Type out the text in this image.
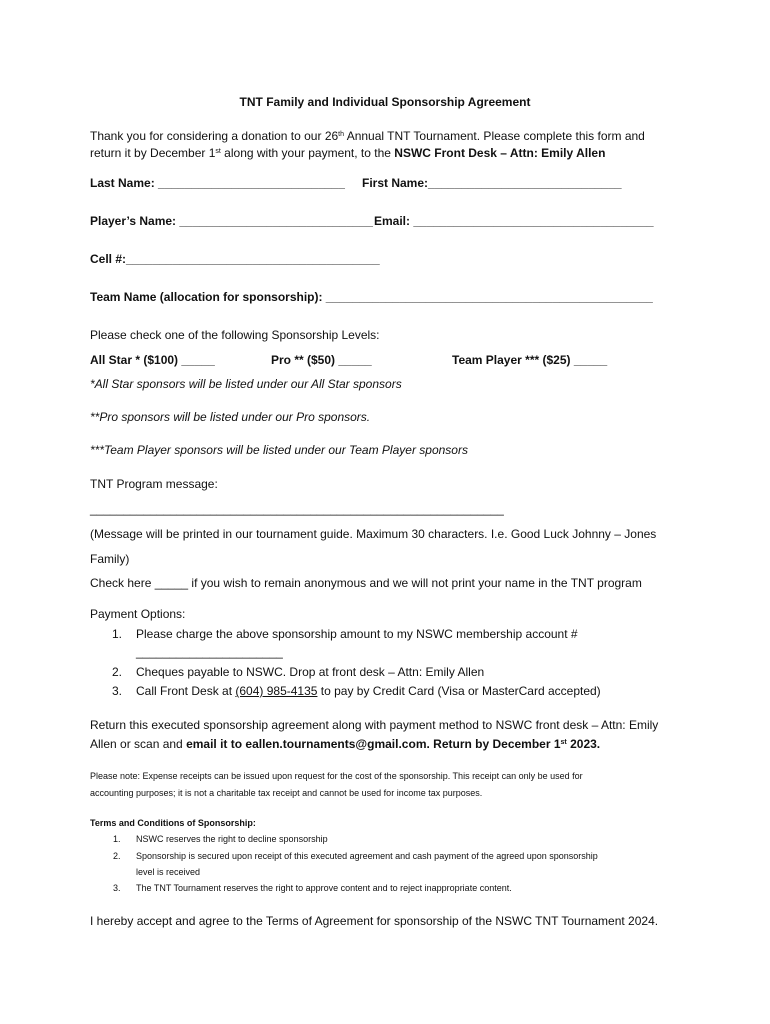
TNT Family and Individual Sponsorship Agreement
Thank you for considering a donation to our 26th Annual TNT Tournament. Please complete this form and
return it by December 1st along with your payment, to the NSWC Front Desk – Attn: Emily Allen
Last Name: ____________________________ First Name:_____________________________
Player’s Name: _____________________________ Email: ____________________________________
Cell #:______________________________________
Team Name (allocation for sponsorship): _________________________________________________
Please check one of the following Sponsorship Levels:
All Star * ($100) _____	Pro ** ($50) _____	Team Player *** ($25) _____
*All Star sponsors will be listed under our All Star sponsors
**Pro sponsors will be listed under our Pro sponsors.
***Team Player sponsors will be listed under our Team Player sponsors
TNT Program message:
______________________________________________________________
(Message will be printed in our tournament guide. Maximum 30 characters. I.e. Good Luck Johnny – Jones
Family)
Check here _____ if you wish to remain anonymous and we will not print your name in the TNT program
Payment Options:
1. Please charge the above sponsorship amount to my NSWC membership account #
______________________
2. Cheques payable to NSWC. Drop at front desk – Attn: Emily Allen
3. Call Front Desk at (604) 985-4135 to pay by Credit Card (Visa or MasterCard accepted)
Return this executed sponsorship agreement along with payment method to NSWC front desk – Attn: Emily
Allen or scan and email it to eallen.tournaments@gmail.com. Return by December 1st 2023.
Please note: Expense receipts can be issued upon request for the cost of the sponsorship. This receipt can only be used for
accounting purposes; it is not a charitable tax receipt and cannot be used for income tax purposes.
Terms and Conditions of Sponsorship:
1. NSWC reserves the right to decline sponsorship
2. Sponsorship is secured upon receipt of this executed agreement and cash payment of the agreed upon sponsorship
level is received
3. The TNT Tournament reserves the right to approve content and to reject inappropriate content.
I hereby accept and agree to the Terms of Agreement for sponsorship of the NSWC TNT Tournament 2024.
